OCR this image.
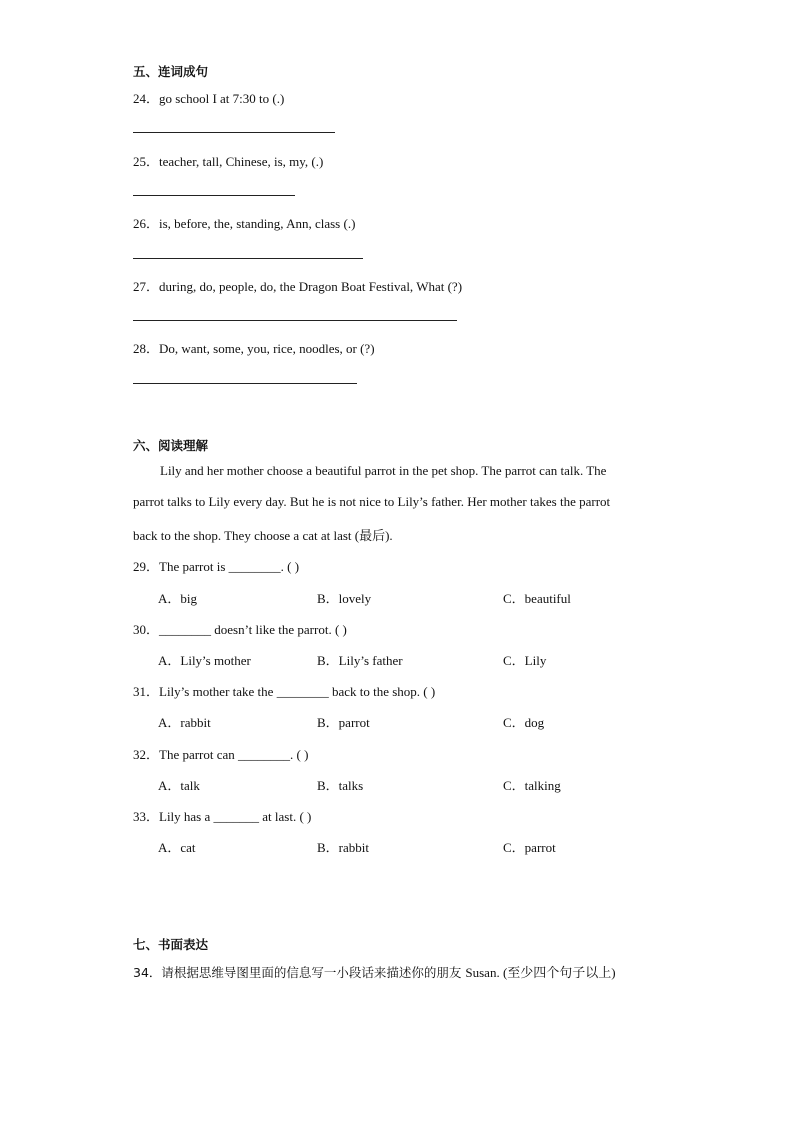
五、连词成句
24．go school I at 7:30 to (.)
25．teacher, tall, Chinese, is, my, (.)
26．is, before, the, standing, Ann, class (.)
27．during, do, people, do, the Dragon Boat Festival, What (?)
28．Do, want, some, you, rice, noodles, or (?)
六、阅读理解
Lily and her mother choose a beautiful parrot in the pet shop. The parrot can talk. The
parrot talks to Lily every day. But he is not nice to Lily’s father. Her mother takes the parrot
back to the shop. They choose a cat at last (最后).
29．The parrot is ________. ( )
A．big	B．lovely	C．beautiful
30．________ doesn’t like the parrot. ( )
A．Lily’s mother	B．Lily’s father	C．Lily
31．Lily’s mother take the ________ back to the shop. ( )
A．rabbit	B．parrot	C．dog
32．The parrot can ________. ( )
A．talk	B．talks	C．talking
33．Lily has a _______ at last. ( )
A．cat	B．rabbit	C．parrot
七、书面表达
34．请根据思维导图里面的信息写一小段话来描述你的朋友 Susan. (至少四个句子以上)
